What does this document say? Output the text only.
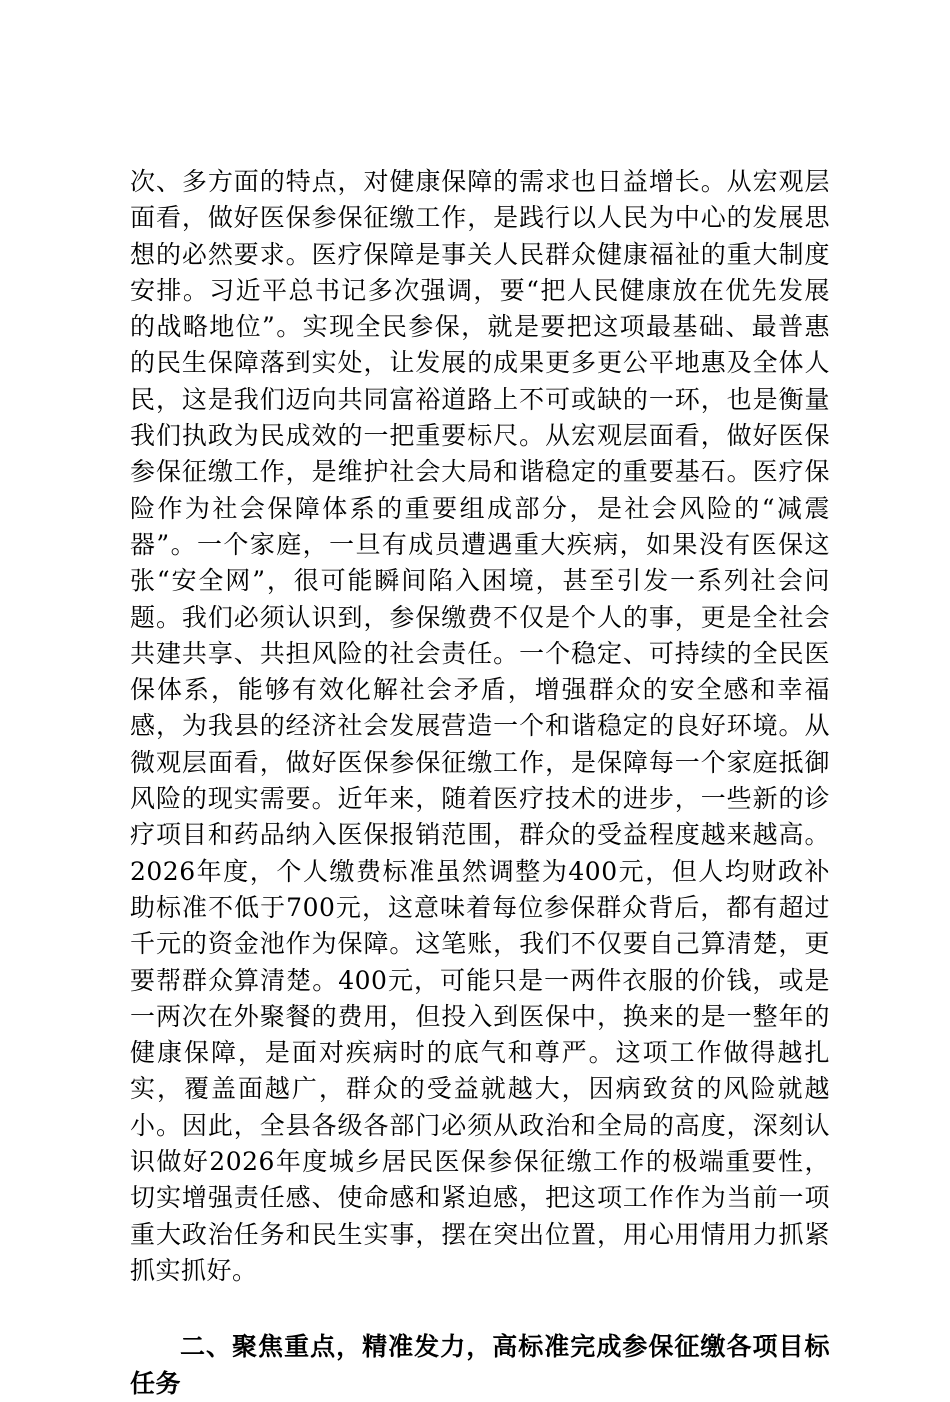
次、多方面的特点，对健康保障的需求也日益增长。从宏观层面看，做好医保参保征缴工作，是践行以人民为中心的发展思想的必然要求。医疗保障是事关人民群众健康福祉的重大制度安排。习近平总书记多次强调，要“把人民健康放在优先发展的战略地位”。实现全民参保，就是要把这项最基础、最普惠的民生保障落到实处，让发展的成果更多更公平地惠及全体人民，这是我们迈向共同富裕道路上不可或缺的一环，也是衡量我们执政为民成效的一把重要标尺。从宏观层面看，做好医保参保征缴工作，是维护社会大局和谐稳定的重要基石。医疗保险作为社会保障体系的重要组成部分，是社会风险的“减震器”。一个家庭，一旦有成员遭遇重大疾病，如果没有医保这张“安全网”，很可能瞬间陷入困境，甚至引发一系列社会问题。我们必须认识到，参保缴费不仅是个人的事，更是全社会共建共享、共担风险的社会责任。一个稳定、可持续的全民医保体系，能够有效化解社会矛盾，增强群众的安全感和幸福感，为我县的经济社会发展营造一个和谐稳定的良好环境。从微观层面看，做好医保参保征缴工作，是保障每一个家庭抵御风险的现实需要。近年来，随着医疗技术的进步，一些新的诊疗项目和药品纳入医保报销范围，群众的受益程度越来越高。2026年度，个人缴费标准虽然调整为400元，但人均财政补助标准不低于700元，这意味着每位参保群众背后，都有超过千元的资金池作为保障。这笔账，我们不仅要自己算清楚，更要帮群众算清楚。400元，可能只是一两件衣服的价钱，或是一两次在外聚餐的费用，但投入到医保中，换来的是一整年的健康保障，是面对疾病时的底气和尊严。这项工作做得越扎实，覆盖面越广，群众的受益就越大，因病致贫的风险就越小。因此，全县各级各部门必须从政治和全局的高度，深刻认识做好2026年度城乡居民医保参保征缴工作的极端重要性，切实增强责任感、使命感和紧迫感，把这项工作作为当前一项重大政治任务和民生实事，摆在突出位置，用心用情用力抓紧抓实抓好。

二、聚焦重点，精准发力，高标准完成参保征缴各项目标任务
